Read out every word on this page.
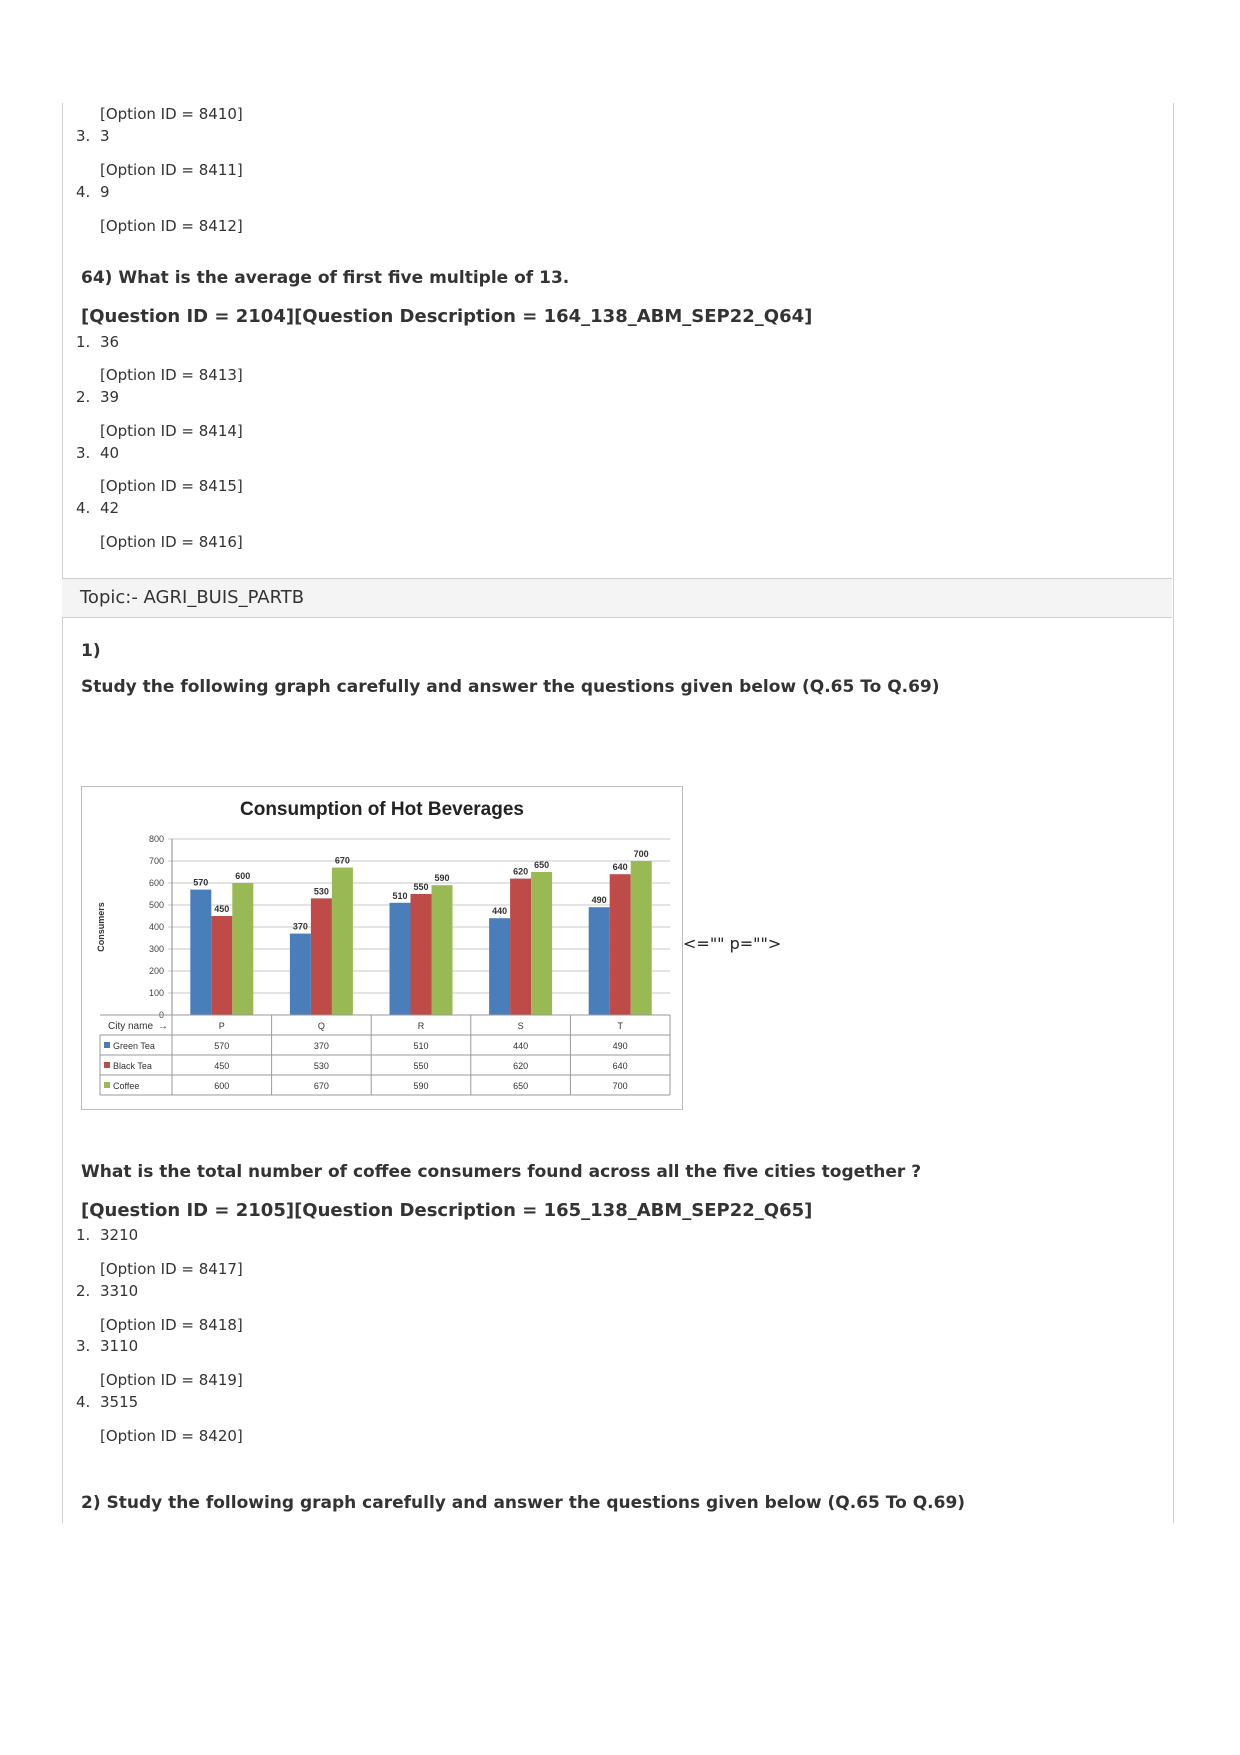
[Option ID = 8410]
3. 3
[Option ID = 8411]
4. 9
[Option ID = 8412]
64) What is the average of first five multiple of 13.
[Question ID = 2104][Question Description = 164_138_ABM_SEP22_Q64]
1. 36
[Option ID = 8413]
2. 39
[Option ID = 8414]
3. 40
[Option ID = 8415]
4. 42
[Option ID = 8416]
Topic:- AGRI_BUIS_PARTB
1)
Study the following graph carefully and answer the questions given below (Q.65 To Q.69)
Consumption of Hot Beverages
0
100
200
300
400
500
600
700
800
Consumers
570
450
600
370
530
670
510
550
590
440
620
650
490
640
700
City name →	P	Q	R	S	T
Green Tea	570	370	510	440	490
Black Tea	450	530	550	620	640
Coffee	600	670	590	650	700
<="" p="">
What is the total number of coffee consumers found across all the five cities together ?
[Question ID = 2105][Question Description = 165_138_ABM_SEP22_Q65]
1. 3210
[Option ID = 8417]
2. 3310
[Option ID = 8418]
3. 3110
[Option ID = 8419]
4. 3515
[Option ID = 8420]
2) Study the following graph carefully and answer the questions given below (Q.65 To Q.69)
